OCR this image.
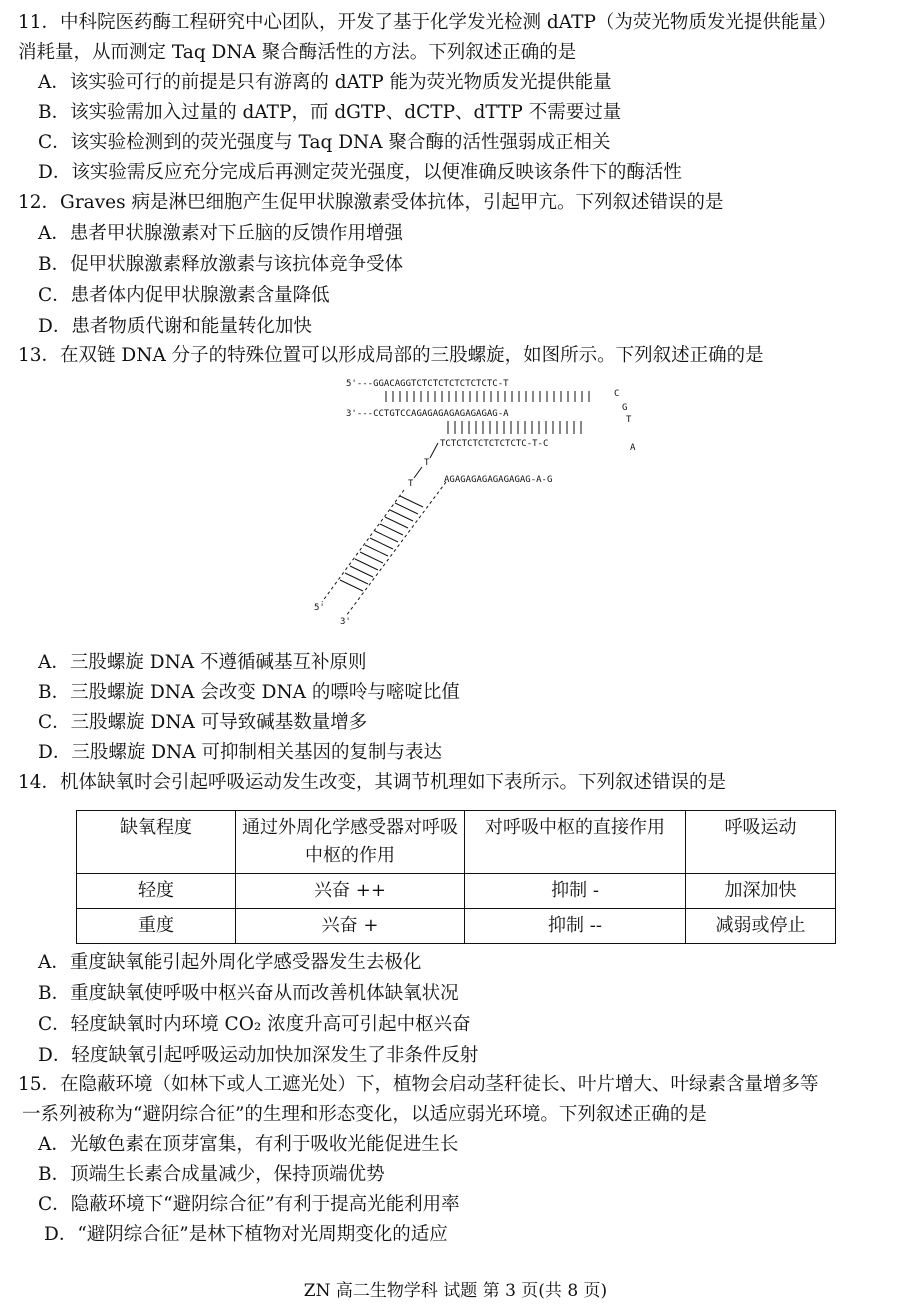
11．中科院医药酶工程研究中心团队，开发了基于化学发光检测 dATP（为荧光物质发光提供能量）
消耗量，从而测定 Taq DNA 聚合酶活性的方法。下列叙述正确的是
A．该实验可行的前提是只有游离的 dATP 能为荧光物质发光提供能量
B．该实验需加入过量的 dATP，而 dGTP、dCTP、dTTP 不需要过量
C．该实验检测到的荧光强度与 Taq DNA 聚合酶的活性强弱成正相关
D．该实验需反应充分完成后再测定荧光强度，以便准确反映该条件下的酶活性
12．Graves 病是淋巴细胞产生促甲状腺激素受体抗体，引起甲亢。下列叙述错误的是
A．患者甲状腺激素对下丘脑的反馈作用增强
B．促甲状腺激素释放激素与该抗体竞争受体
C．患者体内促甲状腺激素含量降低
D．患者物质代谢和能量转化加快
13．在双链 DNA 分子的特殊位置可以形成局部的三股螺旋，如图所示。下列叙述正确的是
5'---GGACAGGTCTCTCTCTCTCTCTC-T
3'---CCTGTCCAGAGAGAGAGAGAGAG-A
C
G
T
TCTCTCTCTCTCTCTC-T-C	A
AGAGAGAGAGAGAGAG-A-G
T
T
5'
3'
A．三股螺旋 DNA 不遵循碱基互补原则
B．三股螺旋 DNA 会改变 DNA 的嘌呤与嘧啶比值
C．三股螺旋 DNA 可导致碱基数量增多
D．三股螺旋 DNA 可抑制相关基因的复制与表达
14．机体缺氧时会引起呼吸运动发生改变，其调节机理如下表所示。下列叙述错误的是
缺氧程度	通过外周化学感受器对呼吸中枢的作用	对呼吸中枢的直接作用	呼吸运动
轻度	兴奋 ++	抑制 -	加深加快
重度	兴奋 +	抑制 --	减弱或停止
A．重度缺氧能引起外周化学感受器发生去极化
B．重度缺氧使呼吸中枢兴奋从而改善机体缺氧状况
C．轻度缺氧时内环境 CO₂ 浓度升高可引起中枢兴奋
D．轻度缺氧引起呼吸运动加快加深发生了非条件反射
15．在隐蔽环境（如林下或人工遮光处）下，植物会启动茎秆徒长、叶片增大、叶绿素含量增多等
一系列被称为“避阴综合征”的生理和形态变化，以适应弱光环境。下列叙述正确的是
A．光敏色素在顶芽富集，有利于吸收光能促进生长
B．顶端生长素合成量减少，保持顶端优势
C．隐蔽环境下“避阴综合征”有利于提高光能利用率
D．“避阴综合征”是林下植物对光周期变化的适应
ZN 高二生物学科 试题 第 3 页(共 8 页)
